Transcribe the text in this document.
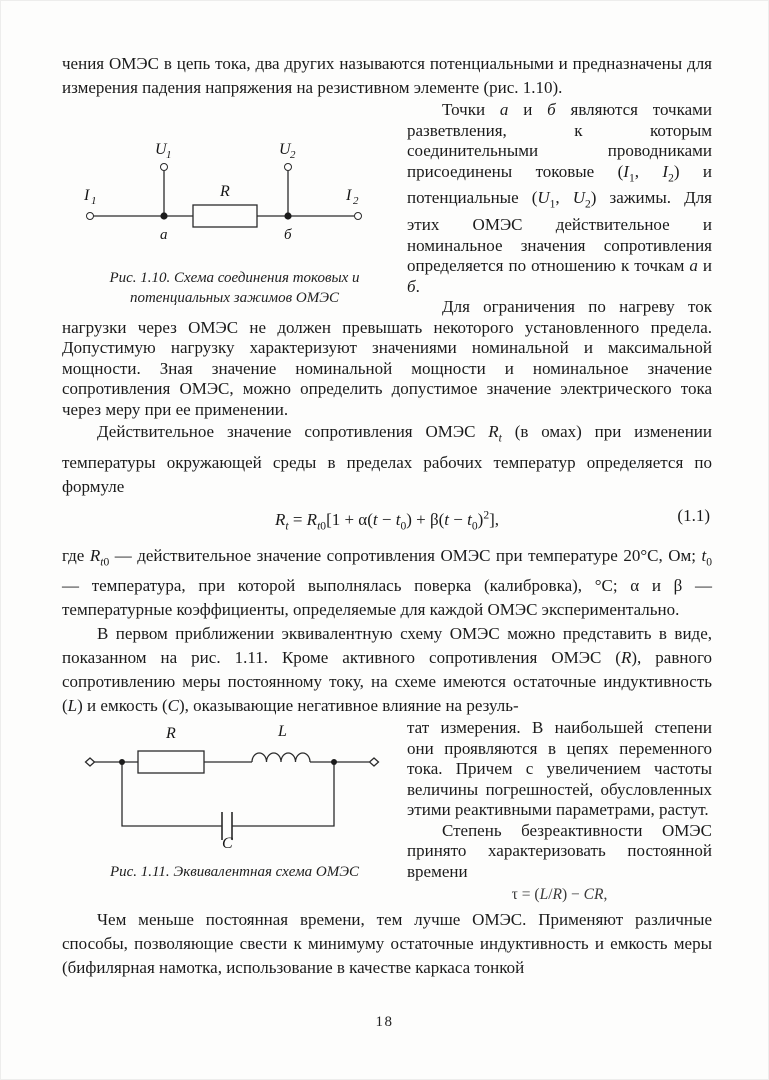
чения ОМЭС в цепь тока, два других называются потенциальными и предназначены для измерения падения напряжения на резистивном элементе (рис. 1.10).

U 1	U 2
I 1	I 2
R
а	б
Рис. 1.10. Схема соединения токовых и потенциальных зажимов ОМЭС

Точки а и б являются точками разветвления, к которым соединительными проводниками присоединены токовые ($I_1$, $I_2$) и потенциальные ($U_1$, $U_2$) зажимы. Для этих ОМЭС действительное и номинальное значения сопротивления определяется по отношению к точкам а и б.

Для ограничения по нагреву ток нагрузки через ОМЭС не должен превышать некоторого установленного предела. Допустимую нагрузку характеризуют значениями номинальной и максимальной мощности. Зная значение номинальной мощности и номинальное значение сопротивления ОМЭС, можно определить допустимое значение электрического тока через меру при ее применении.

Действительное значение сопротивления ОМЭС $R_t$ (в омах) при изменении температуры окружающей среды в пределах рабочих температур определяется по формуле

$R_t = R_{t0}[1 + \alpha(t - t_0) + \beta(t - t_0)^2]$,	(1.1)

где $R_{t0}$ — действительное значение сопротивления ОМЭС при температуре 20°С, Ом; $t_0$ — температура, при которой выполнялась поверка (калибровка), °С; α и β — температурные коэффициенты, определяемые для каждой ОМЭС экспериментально.

В первом приближении эквивалентную схему ОМЭС можно представить в виде, показанном на рис. 1.11. Кроме активного сопротивления ОМЭС (R), равного сопротивлению меры постоянному току, на схеме имеются остаточные индуктивность (L) и емкость (C), оказывающие негативное влияние на резуль-

R	L
C
Рис. 1.11. Эквивалентная схема ОМЭС

тат измерения. В наибольшей степени они проявляются в цепях переменного тока. Причем с увеличением частоты величины погрешностей, обусловленных этими реактивными параметрами, растут.

Степень безреактивности ОМЭС принято характеризовать постоянной времени

τ = (L/R) − CR,

Чем меньше постоянная времени, тем лучше ОМЭС. Применяют различные способы, позволяющие свести к минимуму остаточные индуктивность и емкость меры (бифилярная намотка, использование в качестве каркаса тонкой

18
